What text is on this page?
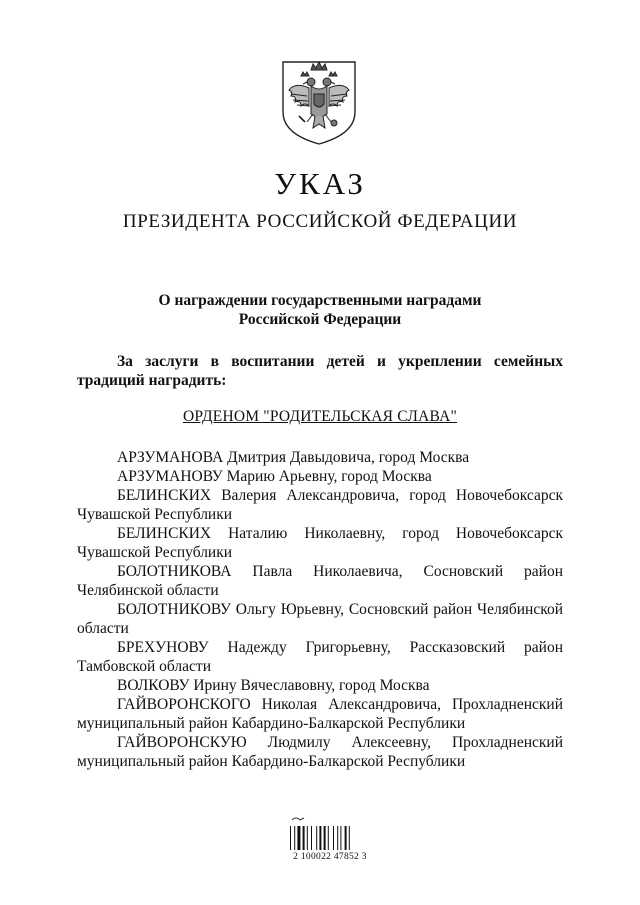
УКАЗ
ПРЕЗИДЕНТА РОССИЙСКОЙ ФЕДЕРАЦИИ
О награждении государственными наградами
Российской Федерации
За заслуги в воспитании детей и укреплении семейных традиций наградить:
ОРДЕНОМ "РОДИТЕЛЬСКАЯ СЛАВА"

АРЗУМАНОВА Дмитрия Давыдовича, город Москва

АРЗУМАНОВУ Марию Арьевну, город Москва

БЕЛИНСКИХ Валерия Александровича, город Новочебоксарск Чувашской Республики

БЕЛИНСКИХ Наталию Николаевну, город Новочебоксарск Чувашской Республики

БОЛОТНИКОВА Павла Николаевича, Сосновский район Челябинской области

БОЛОТНИКОВУ Ольгу Юрьевну, Сосновский район Челябинской области

БРЕХУНОВУ Надежду Григорьевну, Рассказовский район Тамбовской области

ВОЛКОВУ Ирину Вячеславовну, город Москва

ГАЙВОРОНСКОГО Николая Александровича, Прохладненский муниципальный район Кабардино-Балкарской Республики

ГАЙВОРОНСКУЮ Людмилу Алексеевну, Прохладненский муниципальный район Кабардино-Балкарской Республики

2 100022 47852 3
